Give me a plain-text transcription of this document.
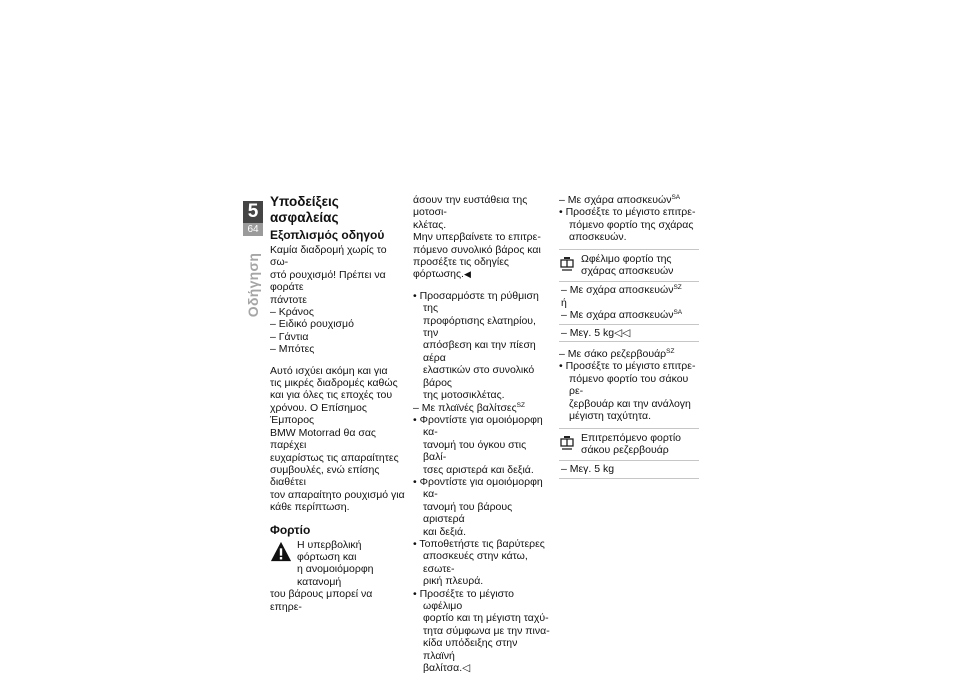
5
64
Οδήγηση
Υποδείξεις ασφαλείας
Εξοπλισμός οδηγού

Καμία διαδρομή χωρίς το σω-

στό ρουχισμό! Πρέπει να φοράτε

πάντοτε

– Κράνος

– Ειδικό ρουχισμό

– Γάντια

– Μπότες

Αυτό ισχύει ακόμη και για

τις μικρές διαδρομές καθώς

και για όλες τις εποχές του

χρόνου. Ο Επίσημος Έμπορος

BMW Motorrad θα σας παρέχει

ευχαρίστως τις απαραίτητες

συμβουλές, ενώ επίσης διαθέτει

τον απαραίτητο ρουχισμό για

κάθε περίπτωση.

Φορτίο

Η υπερβολική φόρτωση και

η ανομοιόμορφη κατανομή

του βάρους μπορεί να επηρε-

άσουν την ευστάθεια της μοτοσι-

κλέτας.

Μην υπερβαίνετε το επιτρε-

πόμενο συνολικό βάρος και

προσέξτε τις οδηγίες φόρτωσης.◀

• Προσαρμόστε τη ρύθμιση της

προφόρτισης ελατηρίου, την

απόσβεση και την πίεση αέρα

ελαστικών στο συνολικό βάρος

της μοτοσικλέτας.

– Με πλαϊνές βαλίτσες$^{SZ}$

• Φροντίστε για ομοιόμορφη κα-

τανομή του όγκου στις βαλί-

τσες αριστερά και δεξιά.

• Φροντίστε για ομοιόμορφη κα-

τανομή του βάρους αριστερά

και δεξιά.

• Τοποθετήστε τις βαρύτερες

αποσκευές στην κάτω, εσωτε-

ρική πλευρά.

• Προσέξτε το μέγιστο ωφέλιμο

φορτίο και τη μέγιστη ταχύ-

τητα σύμφωνα με την πινα-

κίδα υπόδειξης στην πλαϊνή

βαλίτσα.◁

– Με σχάρα αποσκευών$^{SA}$

• Προσέξτε το μέγιστο επιτρε-

πόμενο φορτίο της σχάρας

αποσκευών.

Ωφέλιμο φορτίο της

σχάρας αποσκευών

– Με σχάρα αποσκευών$^{SZ}$

ή

– Με σχάρα αποσκευών$^{SA}$

– Μεγ. 5 kg◁◁

– Με σάκο ρεζερβουάρ$^{SZ}$

• Προσέξτε το μέγιστο επιτρε-

πόμενο φορτίο του σάκου ρε-

ζερβουάρ και την ανάλογη

μέγιστη ταχύτητα.

Επιτρεπόμενο φορτίο

σάκου ρεζερβουάρ

– Μεγ. 5 kg
